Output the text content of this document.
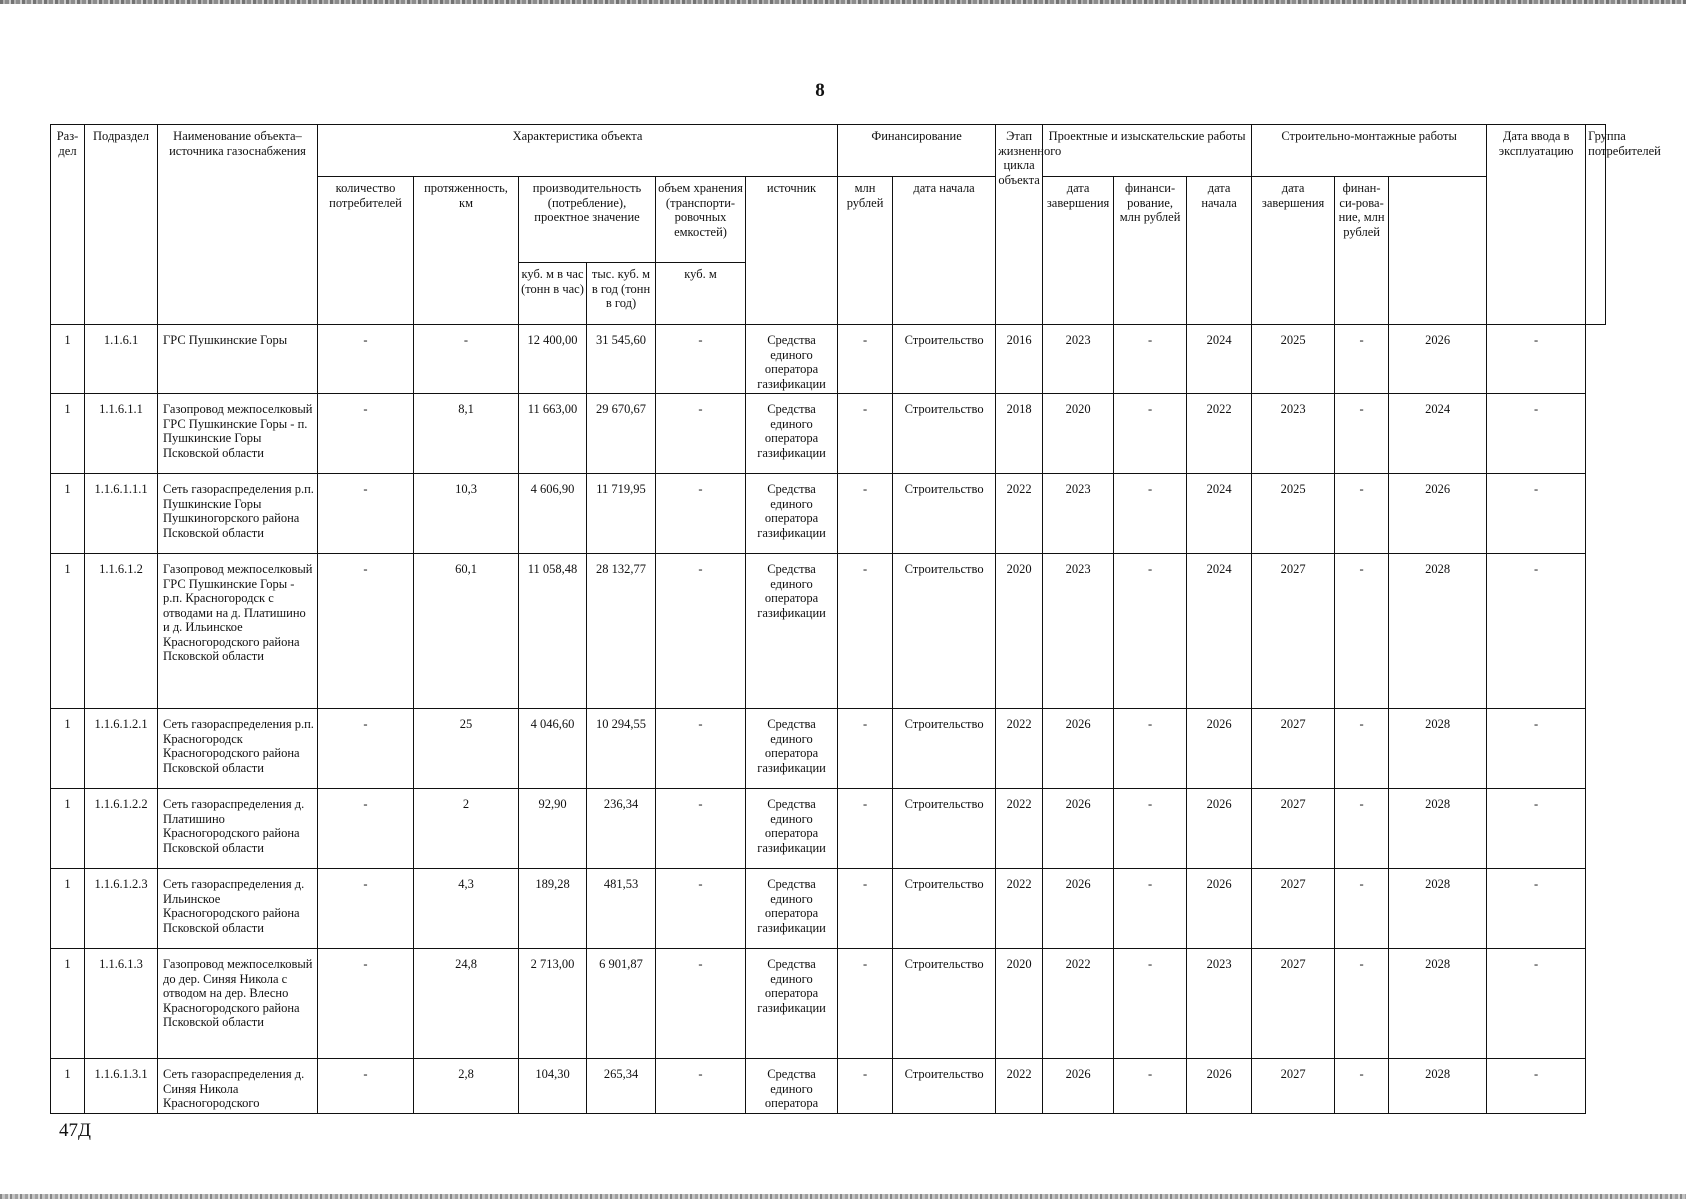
8
Раз-дел	Подраздел	Наименование объекта–источника газоснабжения	Характеристика объекта						Финансирование		Этап жизненного цикла объекта	Проектные и изыскательские работы			Строительно-монтажные работы			Дата ввода в эксплуатацию	Группа потребителей
			количество потребителей	протяженность, км	производительность (потребление), проектное значение		объем хранения (транспорти-ровочных емкостей)	источник	млн рублей	дата начала		дата завершения	финанси-рование, млн рублей	дата начала	дата завершения	финан-си-рова-ние, млн рублей			
					куб. м в час (тонн в час)	тыс. куб. м в год (тонн в год)	куб. м												
1	1.1.6.1	ГРС Пушкинские Горы	-	-	12 400,00	31 545,60	-	Средства единого оператора газификации	-	Строительство	2016	2023	-	2024	2025	-	2026	-	
1	1.1.6.1.1	Газопровод межпоселковый ГРС Пушкинские Горы - п. Пушкинские Горы Псковской области	-	8,1	11 663,00	29 670,67	-	Средства единого оператора газификации	-	Строительство	2018	2020	-	2022	2023	-	2024	-	
1	1.1.6.1.1.1	Сеть газораспределения р.п. Пушкинские Горы Пушкиногорского района Псковской области	-	10,3	4 606,90	11 719,95	-	Средства единого оператора газификации	-	Строительство	2022	2023	-	2024	2025	-	2026	-	
1	1.1.6.1.2	Газопровод межпоселковый ГРС Пушкинские Горы - р.п. Красногородск с отводами на д. Платишино и д. Ильинское Красногородского района Псковской области	-	60,1	11 058,48	28 132,77	-	Средства единого оператора газификации	-	Строительство	2020	2023	-	2024	2027	-	2028	-	
1	1.1.6.1.2.1	Сеть газораспределения р.п. Красногородск Красногородского района Псковской области	-	25	4 046,60	10 294,55	-	Средства единого оператора газификации	-	Строительство	2022	2026	-	2026	2027	-	2028	-	
1	1.1.6.1.2.2	Сеть газораспределения д. Платишино Красногородского района Псковской области	-	2	92,90	236,34	-	Средства единого оператора газификации	-	Строительство	2022	2026	-	2026	2027	-	2028	-	
1	1.1.6.1.2.3	Сеть газораспределения д. Ильинское Красногородского района Псковской области	-	4,3	189,28	481,53	-	Средства единого оператора газификации	-	Строительство	2022	2026	-	2026	2027	-	2028	-	
1	1.1.6.1.3	Газопровод межпоселковый до дер. Синяя Никола с отводом на дер. Влесно Красногородского района Псковской области	-	24,8	2 713,00	6 901,87	-	Средства единого оператора газификации	-	Строительство	2020	2022	-	2023	2027	-	2028	-	
1	1.1.6.1.3.1	Сеть газораспределения д. Синяя Никола Красногородского	-	2,8	104,30	265,34	-	Средства единого оператора	-	Строительство	2022	2026	-	2026	2027	-	2028	-	
47Д
